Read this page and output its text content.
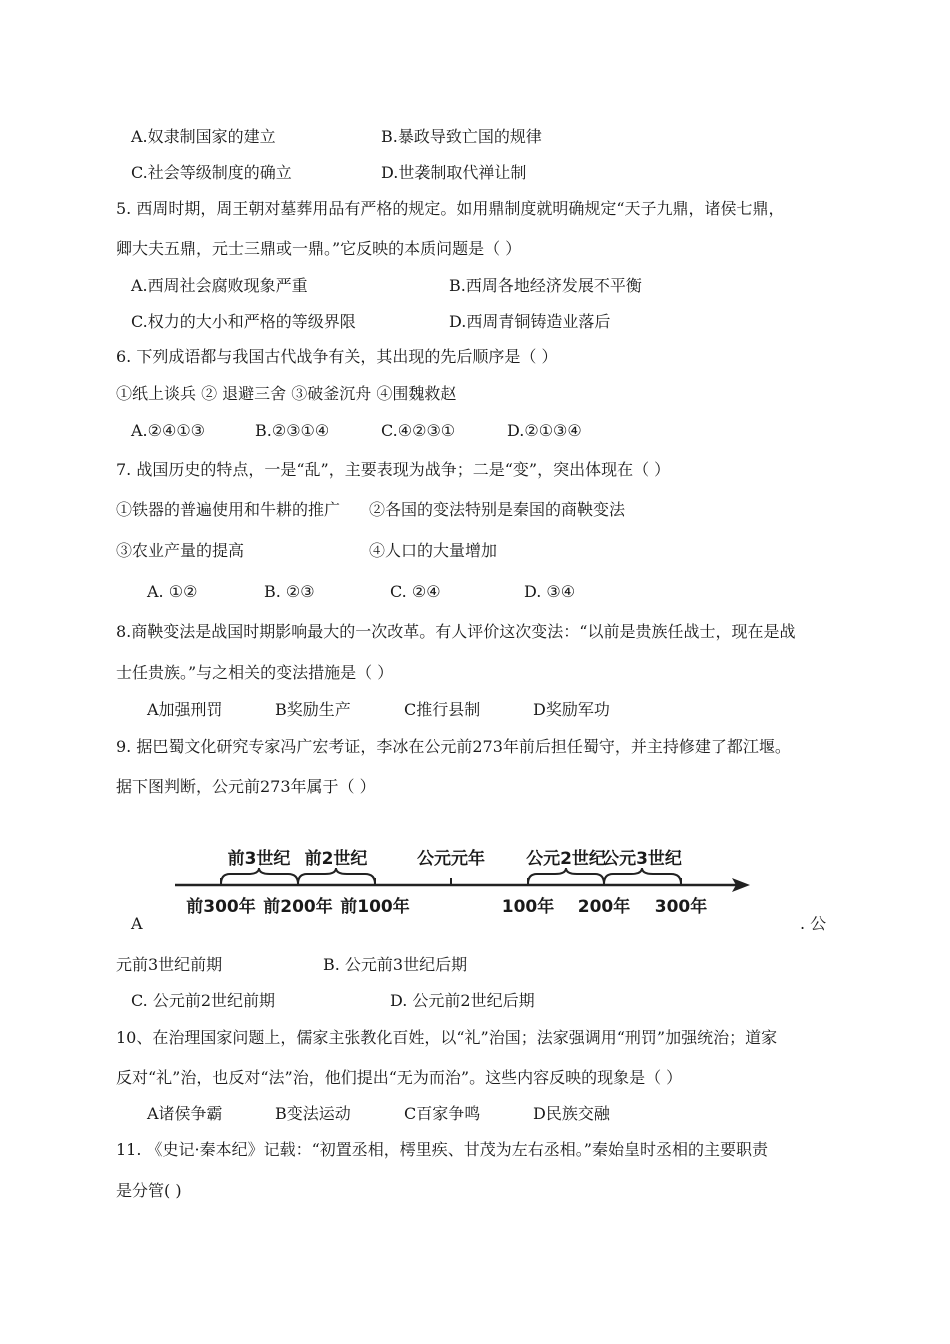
A.奴隶制国家的建立	B.暴政导致亡国的规律
C.社会等级制度的确立	D.世袭制取代禅让制
5. 西周时期，周王朝对墓葬用品有严格的规定。如用鼎制度就明确规定“天子九鼎，诸侯七鼎，
卿大夫五鼎，元士三鼎或一鼎。”它反映的本质问题是（ ）
A.西周社会腐败现象严重	B.西周各地经济发展不平衡
C.权力的大小和严格的等级界限	D.西周青铜铸造业落后
6. 下列成语都与我国古代战争有关，其出现的先后顺序是（ ）
①纸上谈兵 ② 退避三舍 ③破釜沉舟 ④围魏救赵
A.②④①③	B.②③①④	C.④②③①	D.②①③④
7. 战国历史的特点，一是“乱”，主要表现为战争；二是“变”，突出体现在（ ）
①铁器的普遍使用和牛耕的推广 ②各国的变法特别是秦国的商鞅变法
③农业产量的提高	④人口的大量增加
A. ①②	B. ②③	C. ②④	D. ③④
8.商鞅变法是战国时期影响最大的一次改革。有人评价这次变法：“以前是贵族任战士，现在是战
士任贵族。”与之相关的变法措施是（ ）
A加强刑罚	B奖励生产	C推行县制	D奖励军功
9. 据巴蜀文化研究专家冯广宏考证，李冰在公元前273年前后担任蜀守，并主持修建了都江堰。
据下图判断，公元前273年属于（ ）
前3世纪 前2世纪	公元元年 公元2世纪
公元3世纪
前300年 前200年 前100年	100年 200年 300年
A	. 公
元前3世纪前期	B. 公元前3世纪后期
C. 公元前2世纪前期	D. 公元前2世纪后期
10、在治理国家问题上，儒家主张教化百姓，以“礼”治国；法家强调用“刑罚”加强统治；道家
反对“礼”治，也反对“法”治，他们提出“无为而治”。这些内容反映的现象是（ ）
A诸侯争霸	B变法运动	C百家争鸣	D民族交融
11. 《史记·秦本纪》记载：“初置丞相，樗里疾、甘茂为左右丞相。”秦始皇时丞相的主要职责
是分管( )
